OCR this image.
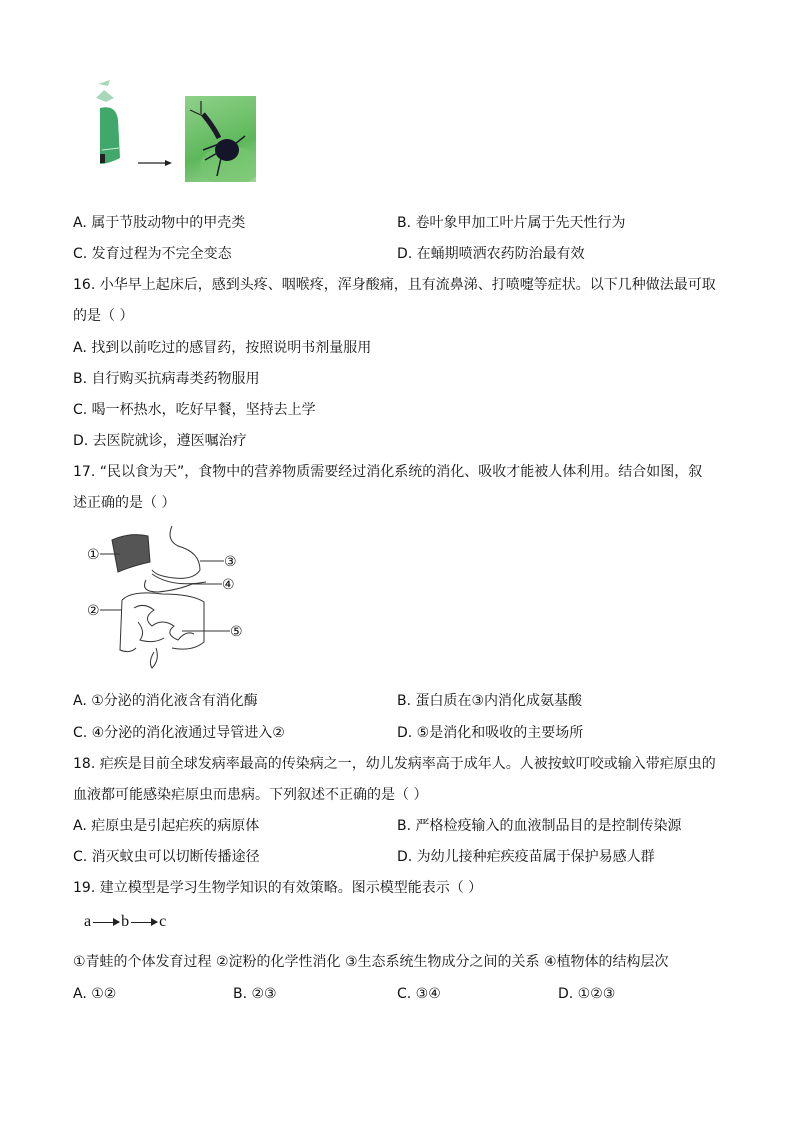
A. 属于节肢动物中的甲壳类	B. 卷叶象甲加工叶片属于先天性行为
C. 发育过程为不完全变态	D. 在蛹期喷洒农药防治最有效
16. 小华早上起床后，感到头疼、咽喉疼，浑身酸痛，且有流鼻涕、打喷嚏等症状。以下几种做法最可取
的是（ ）
A. 找到以前吃过的感冒药，按照说明书剂量服用
B. 自行购买抗病毒类药物服用
C. 喝一杯热水，吃好早餐，坚持去上学
D. 去医院就诊，遵医嘱治疗
17. “民以食为天”，食物中的营养物质需要经过消化系统的消化、吸收才能被人体利用。结合如图，叙
述正确的是（ ）
①
②
③
④
⑤
A. ①分泌的消化液含有消化酶	B. 蛋白质在③内消化成氨基酸
C. ④分泌的消化液通过导管进入②	D. ⑤是消化和吸收的主要场所
18. 疟疾是目前全球发病率最高的传染病之一，幼儿发病率高于成年人。人被按蚊叮咬或输入带疟原虫的
血液都可能感染疟原虫而患病。下列叙述不正确的是（ ）
A. 疟原虫是引起疟疾的病原体	B. 严格检疫输入的血液制品目的是控制传染源
C. 消灭蚊虫可以切断传播途径	D. 为幼儿接种疟疾疫苗属于保护易感人群
19. 建立模型是学习生物学知识的有效策略。图示模型能表示（ ）
a b c
①青蛙的个体发育过程 ②淀粉的化学性消化 ③生态系统生物成分之间的关系 ④植物体的结构层次
A. ①②	B. ②③	C. ③④	D. ①②③
